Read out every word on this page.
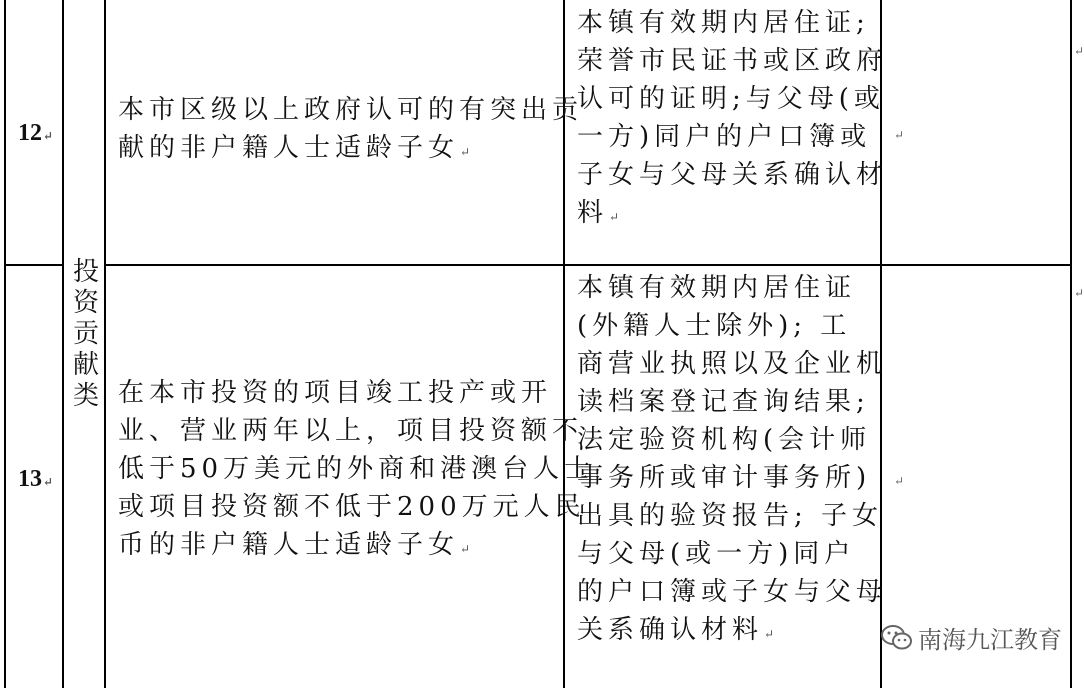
12↵
本市区级以上政府认可的有突出贡
献的非户籍人士适龄子女↵
本镇有效期内居住证;
荣誉市民证书或区政府
认可的证明;与父母(或
一方)同户的户口簿或
子女与父母关系确认材
料↵
↵
↵
投
资
贡
献
类
13↵
在本市投资的项目竣工投产或开
业、营业两年以上，项目投资额不
低于50万美元的外商和港澳台人士
或项目投资额不低于200万元人民
币的非户籍人士适龄子女↵
本镇有效期内居住证
(外籍人士除外); 工
商营业执照以及企业机
读档案登记查询结果;
法定验资机构(会计师
事务所或审计事务所)
出具的验资报告; 子女
与父母(或一方)同户
的户口簿或子女与父母
关系确认材料↵
↵
↵
南海九江教育
